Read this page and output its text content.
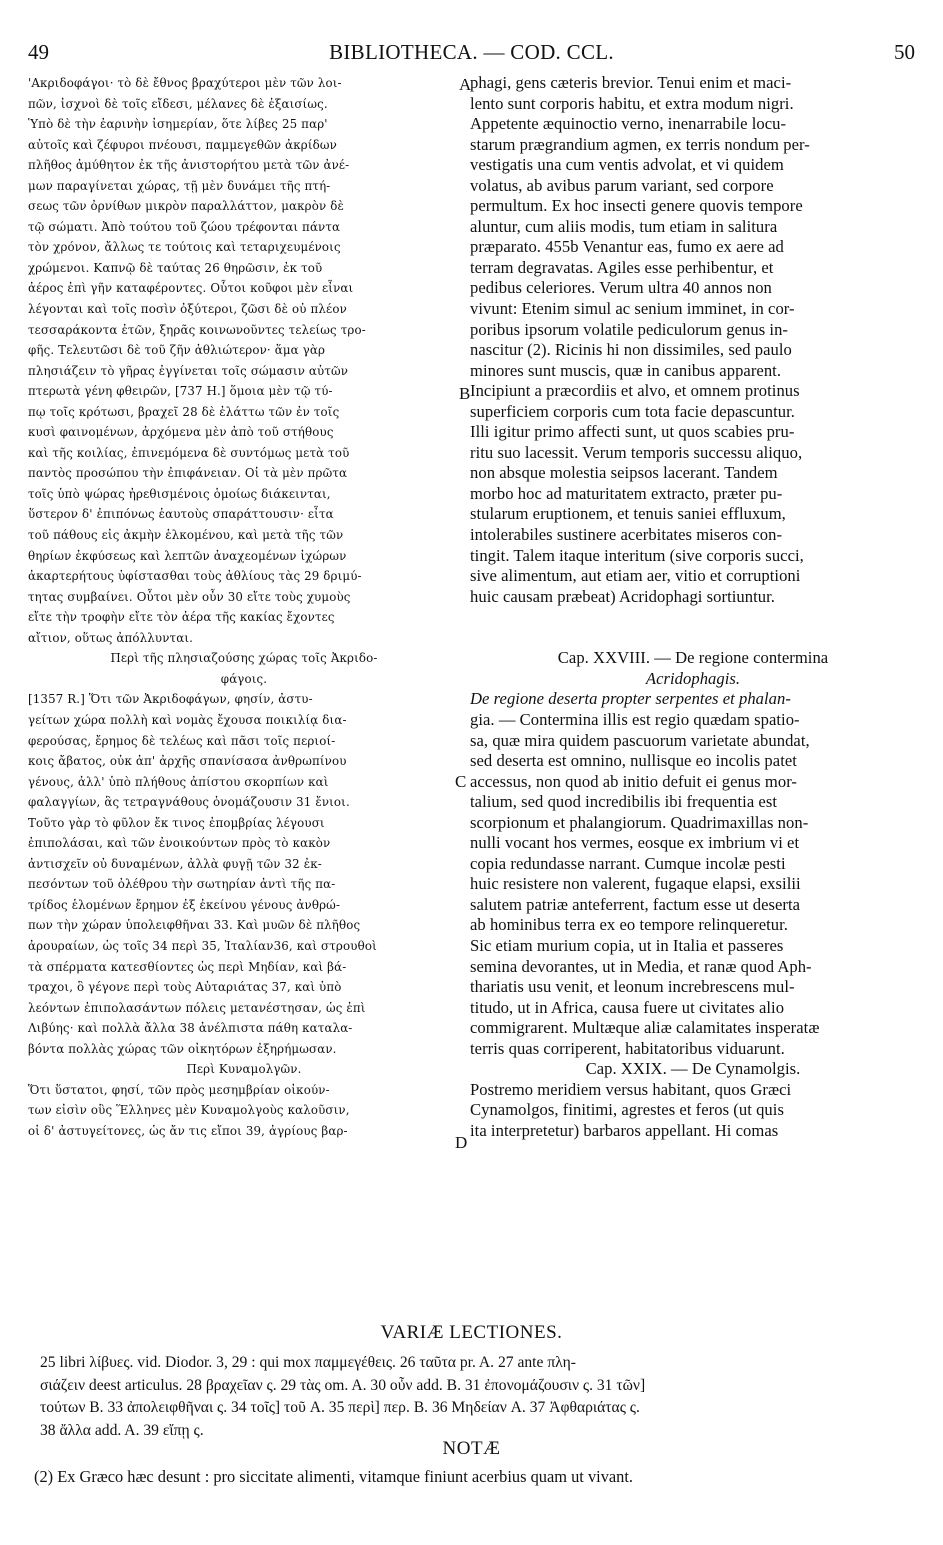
49	BIBLIOTHECA. — COD. CCL.	50
'Ακριδοφάγοι· τὸ δὲ ἔθνος βραχύτεροι μὲν τῶν λοι-
πῶν, ἰσχνοὶ δὲ τοῖς εἴδεσι, μέλανες δὲ ἐξαισίως.
Ὑπὸ δὲ τὴν ἐαρινὴν ἰσημερίαν, ὅτε λίβες 25 παρ'
αὐτοῖς καὶ ζέφυροι πνέουσι, παμμεγεθῶν ἀκρίδων
πλῆθος ἀμύθητον ἐκ τῆς ἀνιστορήτου μετὰ τῶν ἀνέ-
μων παραγίνεται χώρας, τῇ μὲν δυνάμει τῆς πτή-
σεως τῶν ὀρνίθων μικρὸν παραλλάττον, μακρὸν δὲ
τῷ σώματι. Ἀπὸ τούτου τοῦ ζώου τρέφονται πάντα
τὸν χρόνον, ἄλλως τε τούτοις καὶ τεταριχευμένοις
χρώμενοι. Καπνῷ δὲ ταύτας 26 θηρῶσιν, ἐκ τοῦ
ἀέρος ἐπὶ γῆν καταφέροντες. Οὗτοι κοῦφοι μὲν εἶναι
λέγονται καὶ τοῖς ποσὶν ὀξύτεροι, ζῶσι δὲ οὐ πλέον
τεσσαράκοντα ἐτῶν, ξηρᾶς κοινωνοῦντες τελείως τρο-
φῆς. Τελευτῶσι δὲ τοῦ ζῆν ἀθλιώτερον· ἅμα γὰρ
πλησιάζειν τὸ γῆρας ἐγγίνεται τοῖς σώμασιν αὐτῶν
πτερωτὰ γένη φθειρῶν, [737 H.] ὅμοια μὲν τῷ τύ-
πῳ τοῖς κρότωσι, βραχεῖ 28 δὲ ἐλάττω τῶν ἐν τοῖς
κυσὶ φαινομένων, ἀρχόμενα μὲν ἀπὸ τοῦ στήθους
καὶ τῆς κοιλίας, ἐπινεμόμενα δὲ συντόμως μετὰ τοῦ
παντὸς προσώπου τὴν ἐπιφάνειαν. Οἱ τὰ μὲν πρῶτα
τοῖς ὑπὸ ψώρας ἠρεθισμένοις ὁμοίως διάκεινται,
ὕστερον δ' ἐπιπόνως ἑαυτοὺς σπαράττουσιν· εἶτα
τοῦ πάθους εἰς ἀκμὴν ἑλκομένου, καὶ μετὰ τῆς τῶν
θηρίων ἐκφύσεως καὶ λεπτῶν ἀναχεομένων ἰχώρων
ἀκαρτερήτους ὑφίστασθαι τοὺς ἀθλίους τὰς 29 δριμύ-
τητας συμβαίνει. Οὗτοι μὲν οὖν 30 εἴτε τοὺς χυμοὺς
εἴτε τὴν τροφὴν εἴτε τὸν ἀέρα τῆς κακίας ἔχοντες
αἴτιον, οὕτως ἀπόλλυνται.
Περὶ τῆς πλησιαζούσης χώρας τοῖς Ἀκριδο-
φάγοις.
[1357 R.] Ὅτι τῶν Ἀκριδοφάγων, φησίν, ἀστυ-
γείτων χώρα πολλὴ καὶ νομὰς ἔχουσα ποικιλίᾳ δια-
φερούσας, ἔρημος δὲ τελέως καὶ πᾶσι τοῖς περιοί-
κοις ἄβατος, οὐκ ἀπ' ἀρχῆς σπανίσασα ἀνθρωπίνου
γένους, ἀλλ' ὑπὸ πλήθους ἀπίστου σκορπίων καὶ
φαλαγγίων, ἃς τετραγνάθους ὀνομάζουσιν 31 ἔνιοι.
Τοῦτο γὰρ τὸ φῦλον ἔκ τινος ἐπομβρίας λέγουσι
ἐπιπολάσαι, καὶ τῶν ἐνοικούντων πρὸς τὸ κακὸν
ἀντισχεῖν οὐ δυναμένων, ἀλλὰ φυγῇ τῶν 32 ἐκ-
πεσόντων τοῦ ὀλέθρου τὴν σωτηρίαν ἀντὶ τῆς πα-
τρίδος ἑλομένων ἔρημον ἐξ ἐκείνου γένους ἀνθρώ-
πων τὴν χώραν ὑπολειφθῆναι 33. Καὶ μυῶν δὲ πλῆθος
ἀρουραίων, ὡς τοῖς 34 περὶ 35, Ἰταλίαν36, καὶ στρουθοὶ
τὰ σπέρματα κατεσθίοντες ὡς περὶ Μηδίαν, καὶ βά-
τραχοι, ὃ γέγονε περὶ τοὺς Αὐταριάτας 37, καὶ ὑπὸ
λεόντων ἐπιπολασάντων πόλεις μετανέστησαν, ὡς ἐπὶ
Λιβύης· καὶ πολλὰ ἄλλα 38 ἀνέλπιστα πάθη καταλα-
βόντα πολλὰς χώρας τῶν οἰκητόρων ἐξηρήμωσαν.
Περὶ Κυναμολγῶν.
Ὅτι ὕστατοι, φησί, τῶν πρὸς μεσημβρίαν οἰκούν-
των εἰσὶν οὓς Ἕλληνες μὲν Κυναμολγοὺς καλοῦσιν,
οἱ δ' ἀστυγείτονες, ὡς ἄν τις εἴποι 39, ἀγρίους βαρ-
phagi, gens cæteris brevior. Tenui enim et maci-
lento sunt corporis habitu, et extra modum nigri.
Appetente æquinoctio verno, inenarrabile locu-
starum prægrandium agmen, ex terris nondum per-
vestigatis una cum ventis advolat, et vi quidem
volatus, ab avibus parum variant, sed corpore
permultum. Ex hoc insecti genere quovis tempore
aluntur, cum aliis modis, tum etiam in salitura
præparato. 455b Venantur eas, fumo ex aere ad
terram degravatas. Agiles esse perhibentur, et
pedibus celeriores. Verum ultra 40 annos non
vivunt: Etenim simul ac senium imminet, in cor-
poribus ipsorum volatile pediculorum genus in-
nascitur (2). Ricinis hi non dissimiles, sed paulo
minores sunt muscis, quæ in canibus apparent.
Incipiunt a præcordiis et alvo, et omnem protinus
superficiem corporis cum tota facie depascuntur.
Illi igitur primo affecti sunt, ut quos scabies pru-
ritu suo lacessit. Verum temporis successu aliquo,
non absque molestia seipsos lacerant. Tandem
morbo hoc ad maturitatem extracto, præter pu-
stularum eruptionem, et tenuis saniei effluxum,
intolerabiles sustinere acerbitates miseros con-
tingit. Talem itaque interitum (sive corporis succi,
sive alimentum, aut etiam aer, vitio et corruptioni
huic causam præbeat) Acridophagi sortiuntur.
Cap. XXVIII. — De regione contermina
Acridophagis.
De regione deserta propter serpentes et phalan-
gia. — Contermina illis est regio quædam spatio-
sa, quæ mira quidem pascuorum varietate abundat,
sed deserta est omnino, nullisque eo incolis patet
accessus, non quod ab initio defuit ei genus mor-
talium, sed quod incredibilis ibi frequentia est
scorpionum et phalangiorum. Quadrimaxillas non-
nulli vocant hos vermes, eosque ex imbrium vi et
copia redundasse narrant. Cumque incolæ pesti
huic resistere non valerent, fugaque elapsi, exsilii
salutem patriæ anteferrent, factum esse ut deserta
ab hominibus terra ex eo tempore relinqueretur.
Sic etiam murium copia, ut in Italia et passeres
semina devorantes, ut in Media, et ranæ quod Aph-
thariatis usu venit, et leonum increbrescens mul-
titudo, ut in Africa, causa fuere ut civitates alio
commigrarent. Multæque aliæ calamitates insperatæ
terris quas corriperent, habitatoribus viduarunt.
Cap. XXIX. — De Cynamolgis.
Postremo meridiem versus habitant, quos Græci
Cynamolgos, finitimi, agrestes et feros (ut quis
ita interpretetur) barbaros appellant. Hi comas
A
B
C
D
VARIÆ LECTIONES.
25 libri λίβυες. vid. Diodor. 3, 29 : qui mox παμμεγέθεις. 26 ταῦτα pr. A. 27 ante πλη-
σιάζειν deest articulus. 28 βραχεῖαν ς. 29 τὰς om. A. 30 οὖν add. B. 31 ἐπονομάζουσιν ς. 31 τῶν]
τούτων B. 33 ἀπολειφθῆναι ς. 34 τοῖς] τοῦ A. 35 περὶ] περ. B. 36 Μηδείαν A. 37 Ἀφθαριάτας ς.
38 ἄλλα add. A. 39 εἴπῃ ς.
NOTÆ
(2) Ex Græco hæc desunt : pro siccitate alimenti, vitamque finiunt acerbius quam ut vivant.
